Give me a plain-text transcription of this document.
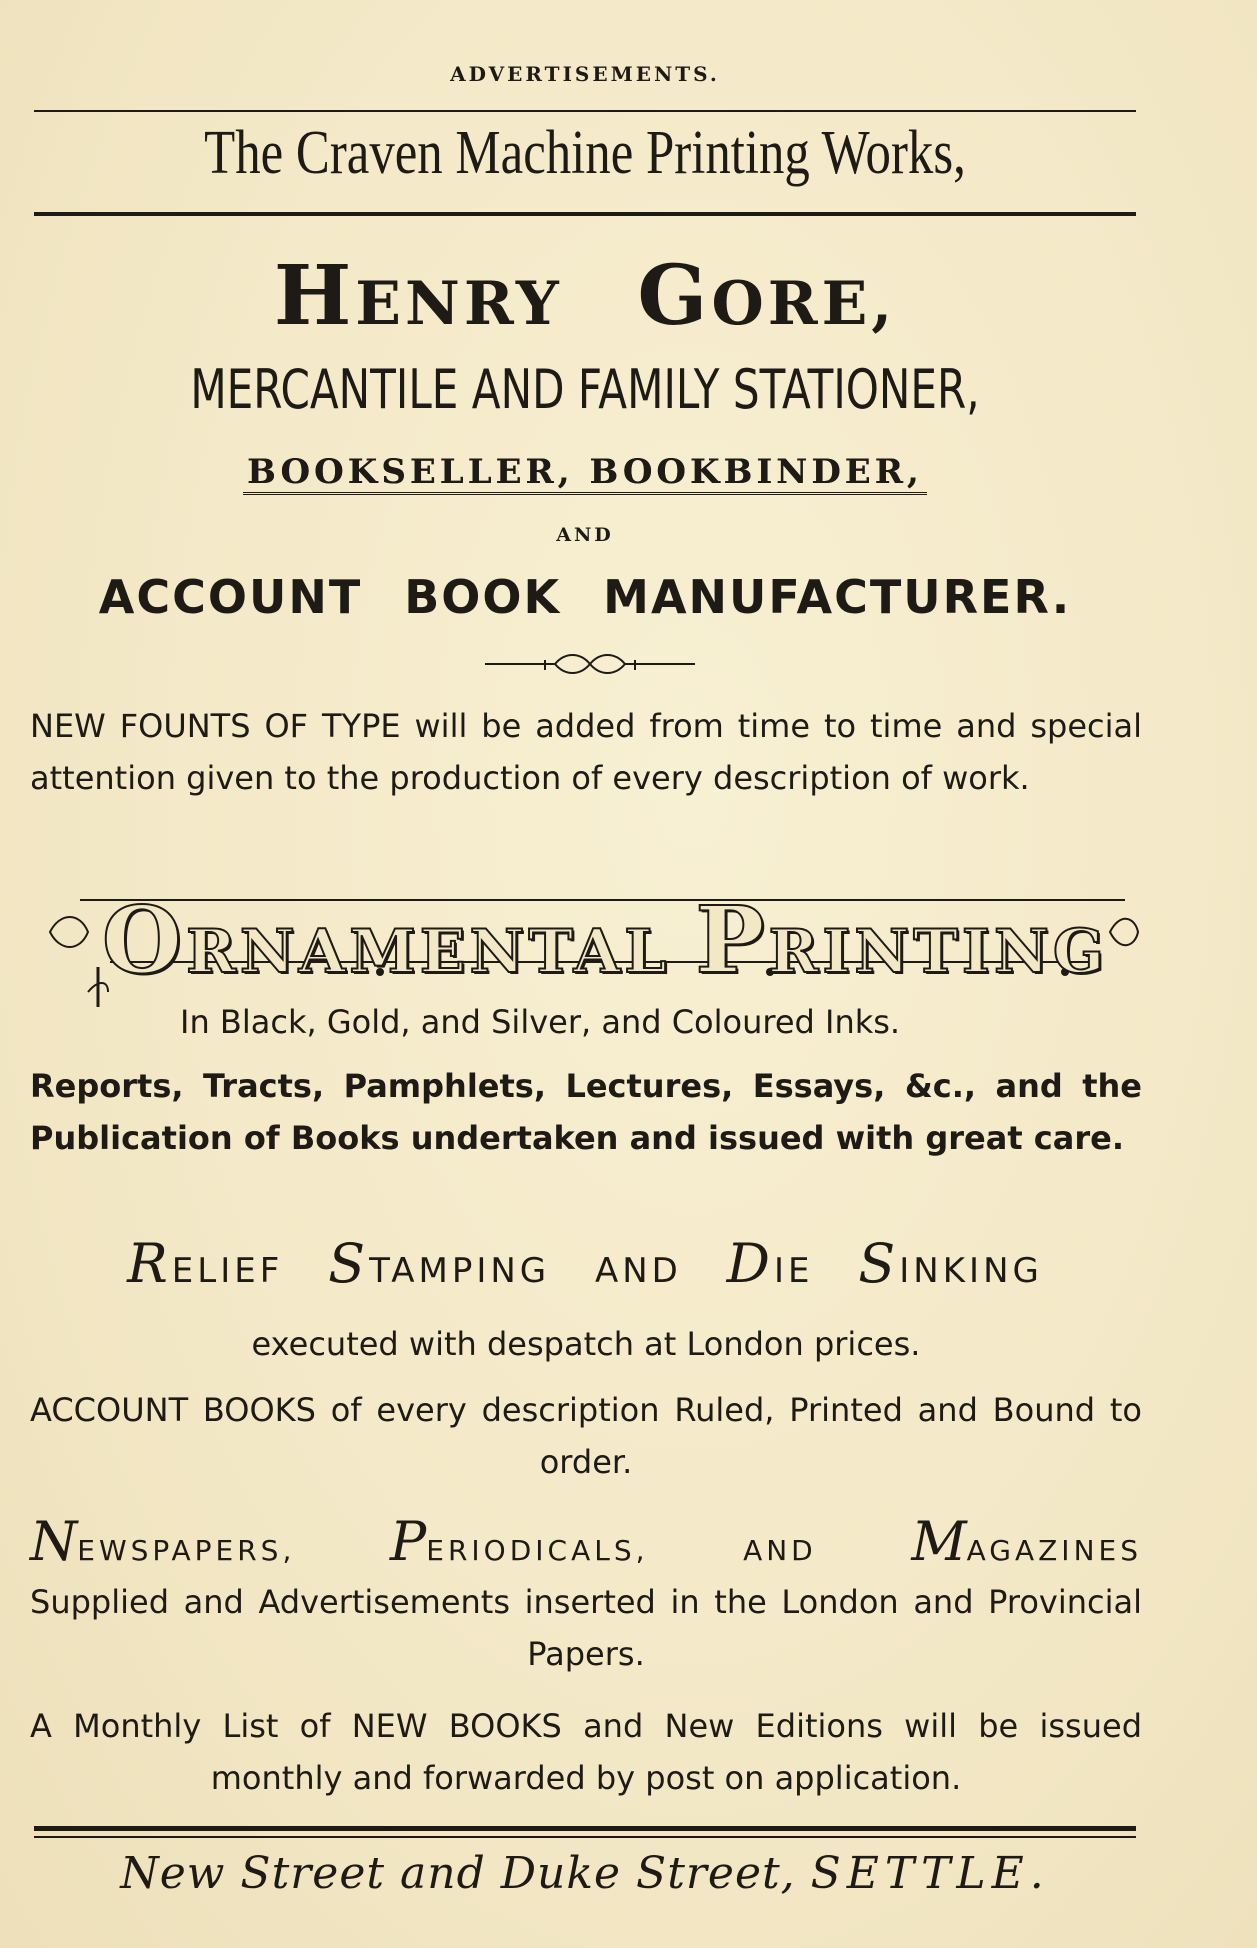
ADVERTISEMENTS.
The Craven Machine Printing Works,
HENRY GORE,
MERCANTILE AND FAMILY STATIONER,
BOOKSELLER, BOOKBINDER,
AND
ACCOUNT BOOK MANUFACTURER.
NEW FOUNTS OF TYPE will be added from time to time and special attention given to the production of every description of work.
ORNAMENTAL PRINTING
In Black, Gold, and Silver, and Coloured Inks.
Reports, Tracts, Pamphlets, Lectures, Essays, &c., and the Publication of Books undertaken and issued with great care.
RELIEF STAMPING AND DIE SINKING
executed with despatch at London prices.
ACCOUNT BOOKS of every description Ruled, Printed and Bound to order.
NEWSPAPERS, PERIODICALS,	AND MAGAZINES
Supplied and Advertisements inserted in the London and Provincial Papers.
A Monthly List of NEW BOOKS and New Editions will be issued monthly and forwarded by post on application.
New Street and Duke Street, SETTLE.
